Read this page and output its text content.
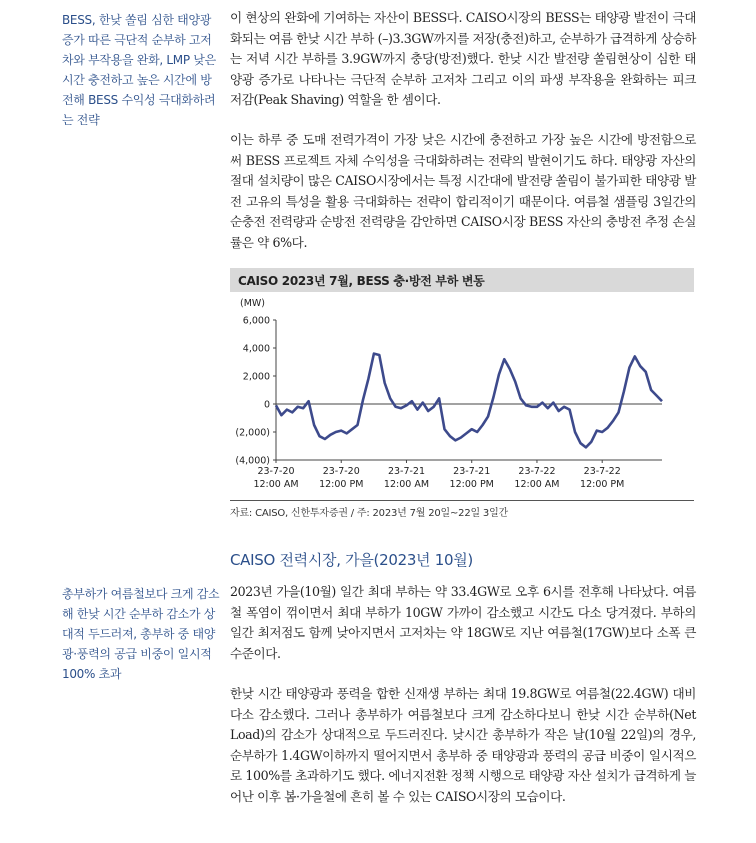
BESS, 한낮 쏠림 심한 태양광 증가 따른 극단적 순부하 고저차와 부작용을 완화, LMP 낮은 시간 충전하고 높은 시간에 방전해 BESS 수익성 극대화하려는 전략

총부하가 여름철보다 크게 감소해 한낮 시간 순부하 감소가 상대적 두드러져, 총부하 중 태양광·풍력의 공급 비중이 일시적 100% 초과

이 현상의 완화에 기여하는 자산이 BESS다. CAISO시장의 BESS는 태양광 발전이 극대화되는 여름 한낮 시간 부하 (–)3.3GW까지를 저장(충전)하고, 순부하가 급격하게 상승하는 저녁 시간 부하를 3.9GW까지 충당(방전)했다. 한낮 시간 발전량 쏠림현상이 심한 태양광 증가로 나타나는 극단적 순부하 고저차 그리고 이의 파생 부작용을 완화하는 피크 저감(Peak Shaving) 역할을 한 셈이다.

이는 하루 중 도매 전력가격이 가장 낮은 시간에 충전하고 가장 높은 시간에 방전함으로써 BESS 프로젝트 자체 수익성을 극대화하려는 전략의 발현이기도 하다. 태양광 자산의 절대 설치량이 많은 CAISO시장에서는 특정 시간대에 발전량 쏠림이 불가피한 태양광 발전 고유의 특성을 활용 극대화하는 전략이 합리적이기 때문이다. 여름철 샘플링 3일간의 순충전 전력량과 순방전 전력량을 감안하면 CAISO시장 BESS 자산의 충방전 추정 손실률은 약 6%다.

CAISO 2023년 7월, BESS 충·방전 부하 변동
(MW)
6,000
4,000
2,000
0
(2,000)
(4,000)
23-7-20
12:00 AM
23-7-20
12:00 PM
23-7-21
12:00 AM
23-7-21
12:00 PM
23-7-22
12:00 AM
23-7-22
12:00 PM
자료: CAISO, 신한투자증권 / 주: 2023년 7월 20일~22일 3일간
CAISO 전력시장, 가을(2023년 10월)

2023년 가을(10월) 일간 최대 부하는 약 33.4GW로 오후 6시를 전후해 나타났다. 여름철 폭염이 꺾이면서 최대 부하가 10GW 가까이 감소했고 시간도 다소 당겨졌다. 부하의 일간 최저점도 함께 낮아지면서 고저차는 약 18GW로 지난 여름철(17GW)보다 소폭 큰 수준이다.

한낮 시간 태양광과 풍력을 합한 신재생 부하는 최대 19.8GW로 여름철(22.4GW) 대비 다소 감소했다. 그러나 총부하가 여름철보다 크게 감소하다보니 한낮 시간 순부하(Net Load)의 감소가 상대적으로 두드러진다. 낮시간 총부하가 작은 날(10월 22일)의 경우, 순부하가 1.4GW이하까지 떨어지면서 총부하 중 태양광과 풍력의 공급 비중이 일시적으로 100%를 초과하기도 했다. 에너지전환 정책 시행으로 태양광 자산 설치가 급격하게 늘어난 이후 봄·가을철에 흔히 볼 수 있는 CAISO시장의 모습이다.
